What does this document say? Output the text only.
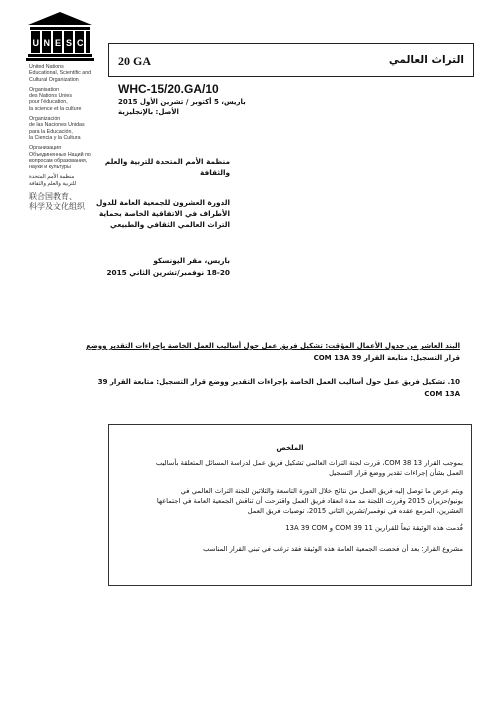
U N E S C
United Nations
Educational, Scientific and
Cultural Organization
Organisation
des Nations Unies
pour l'éducation,
la science et la culture
Organización
de las Naciones Unidas
para la Educación,
la Ciencia y la Cultura
Организация
Объединенных Наций по
вопросам образования,
науки и культуры
منظمة الأمم المتحدة
للتربية والعلم والثقافة
联合国教育、
科学及文化组织
20 GA	التراث العالمي
WHC-15/20.GA/10
باريس، 5 أكتوبر / تشرين الأول 2015
الأصل: بالإنجليزية
منظمة الأمم المتحدة للتربية والعلم
والثقافة
الدورة العشرون للجمعية العامة للدول
الأطراف في الاتفاقية الخاصة بحماية
التراث العالمي الثقافي والطبيعي
باريس، مقر اليونسكو
18-20 نوفمبر/تشرين الثاني 2015
البند العاشر من جدول الأعمال المؤقت: تشكيل فريق عمل حول أساليب العمل الخاصة بإجراءات التقدير ووضع
قرار التسجيل: متابعة القرار 39 COM 13A
10. تشكيل فريق عمل حول أساليب العمل الخاصة بإجراءات التقدير ووضع قرار التسجيل: متابعة القرار 39
COM 13A
الملخص
بموجب القرار 13 38 COM، قررت لجنة التراث العالمي تشكيل فريق عمل لدراسة المسائل المتعلقة بأساليب
العمل بشأن إجراءات تقدير ووضع قرار التسجيل
ويتم عرض ما توصل إليه فريق العمل من نتائج خلال الدورة التاسعة والثلاثين للجنة التراث العالمي في
يونيو/حزيران 2015 وقررت اللجنة مد مدة انعقاد فريق العمل واقترحت أن تناقش الجمعية العامة في اجتماعها
العشرين، المزمع عقده في نوفمبر/تشرين الثاني 2015، توصيات فريق العمل
قُدمت هذه الوثيقة تبعاً للقرارين 11 39 COM و 13A 39 COM
مشروع القرار: بعد أن فحصت الجمعية العامة هذه الوثيقة فقد ترغب في تبني القرار المناسب
